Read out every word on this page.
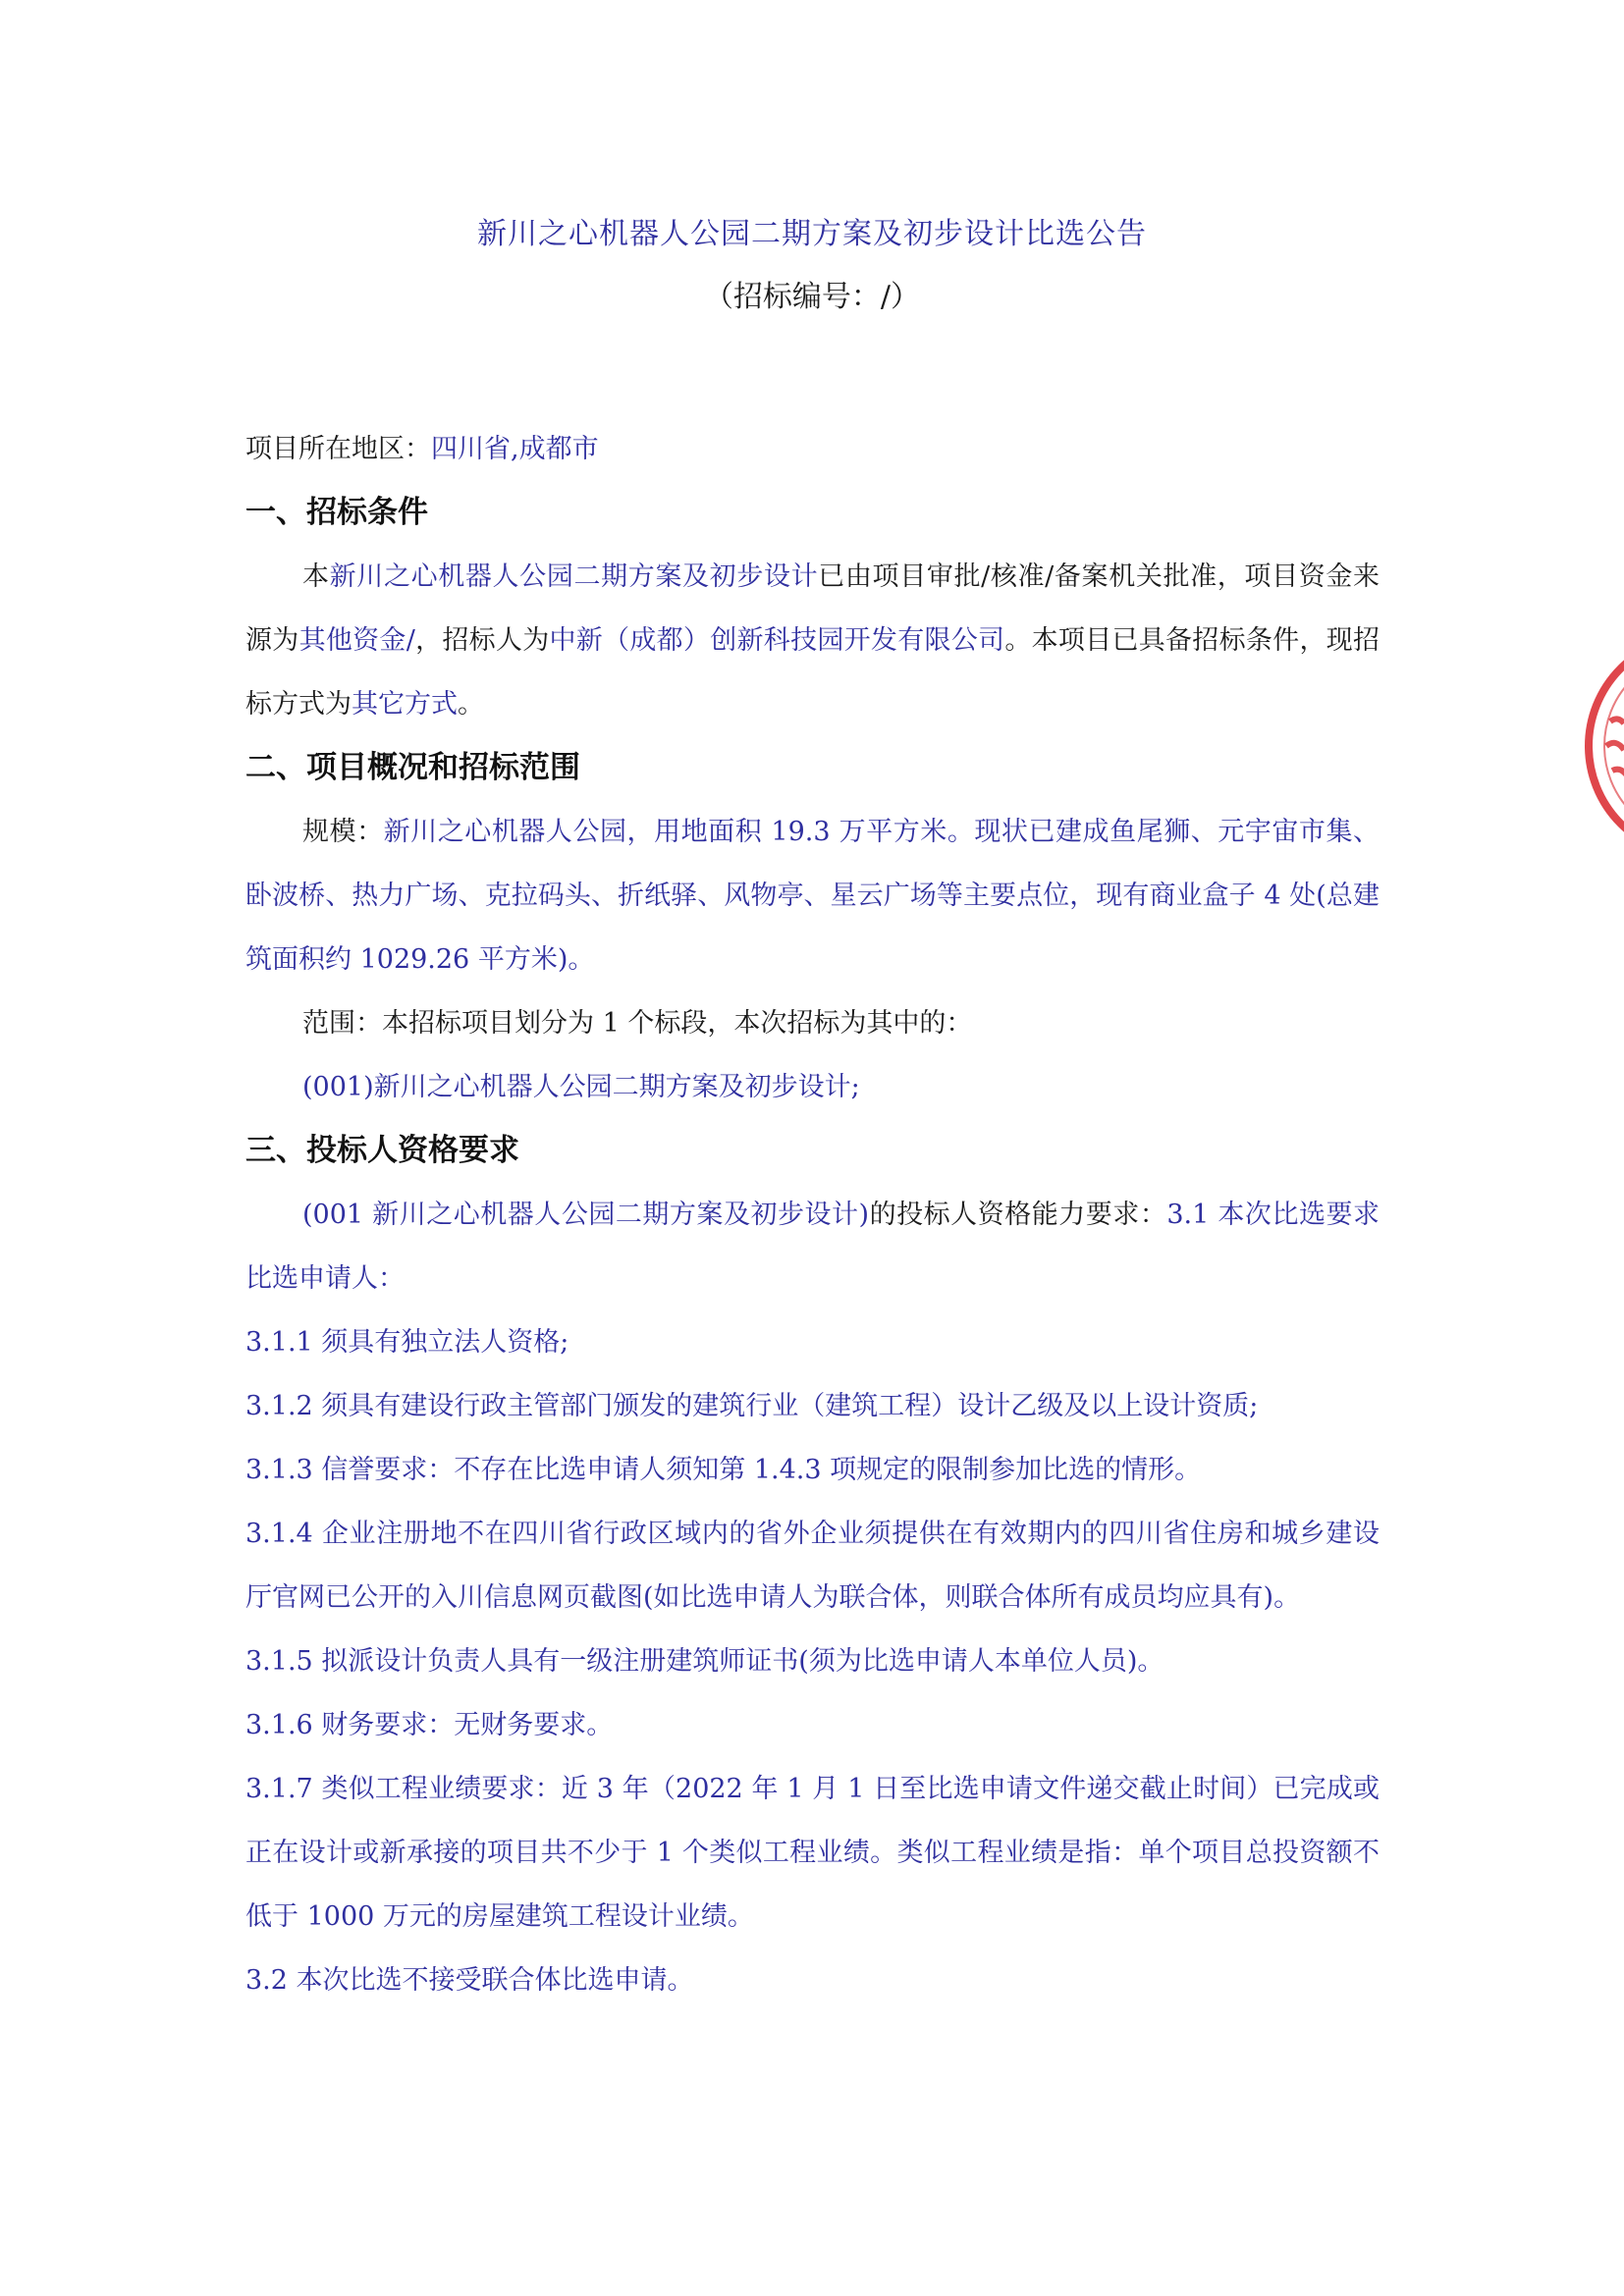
新川之心机器人公园二期方案及初步设计比选公告
（招标编号：/）

项目所在地区：四川省,成都市

一、招标条件

本新川之心机器人公园二期方案及初步设计已由项目审批/核准/备案机关批准，项目资金来源为其他资金/，招标人为中新（成都）创新科技园开发有限公司。本项目已具备招标条件，现招标方式为其它方式。

二、项目概况和招标范围

规模：新川之心机器人公园，用地面积 19.3 万平方米。现状已建成鱼尾狮、元宇宙市集、卧波桥、热力广场、克拉码头、折纸驿、风物亭、星云广场等主要点位，现有商业盒子 4 处(总建筑面积约 1029.26 平方米)。

范围：本招标项目划分为 1 个标段，本次招标为其中的：

(001)新川之心机器人公园二期方案及初步设计;

三、投标人资格要求

(001 新川之心机器人公园二期方案及初步设计)的投标人资格能力要求：3.1 本次比选要求比选申请人：

3.1.1 须具有独立法人资格;

3.1.2 须具有建设行政主管部门颁发的建筑行业（建筑工程）设计乙级及以上设计资质;

3.1.3 信誉要求：不存在比选申请人须知第 1.4.3 项规定的限制参加比选的情形。

3.1.4 企业注册地不在四川省行政区域内的省外企业须提供在有效期内的四川省住房和城乡建设厅官网已公开的入川信息网页截图(如比选申请人为联合体，则联合体所有成员均应具有)。

3.1.5 拟派设计负责人具有一级注册建筑师证书(须为比选申请人本单位人员)。

3.1.6 财务要求：无财务要求。

3.1.7 类似工程业绩要求：近 3 年（2022 年 1 月 1 日至比选申请文件递交截止时间）已完成或正在设计或新承接的项目共不少于 1 个类似工程业绩。类似工程业绩是指：单个项目总投资额不低于 1000 万元的房屋建筑工程设计业绩。

3.2 本次比选不接受联合体比选申请。
